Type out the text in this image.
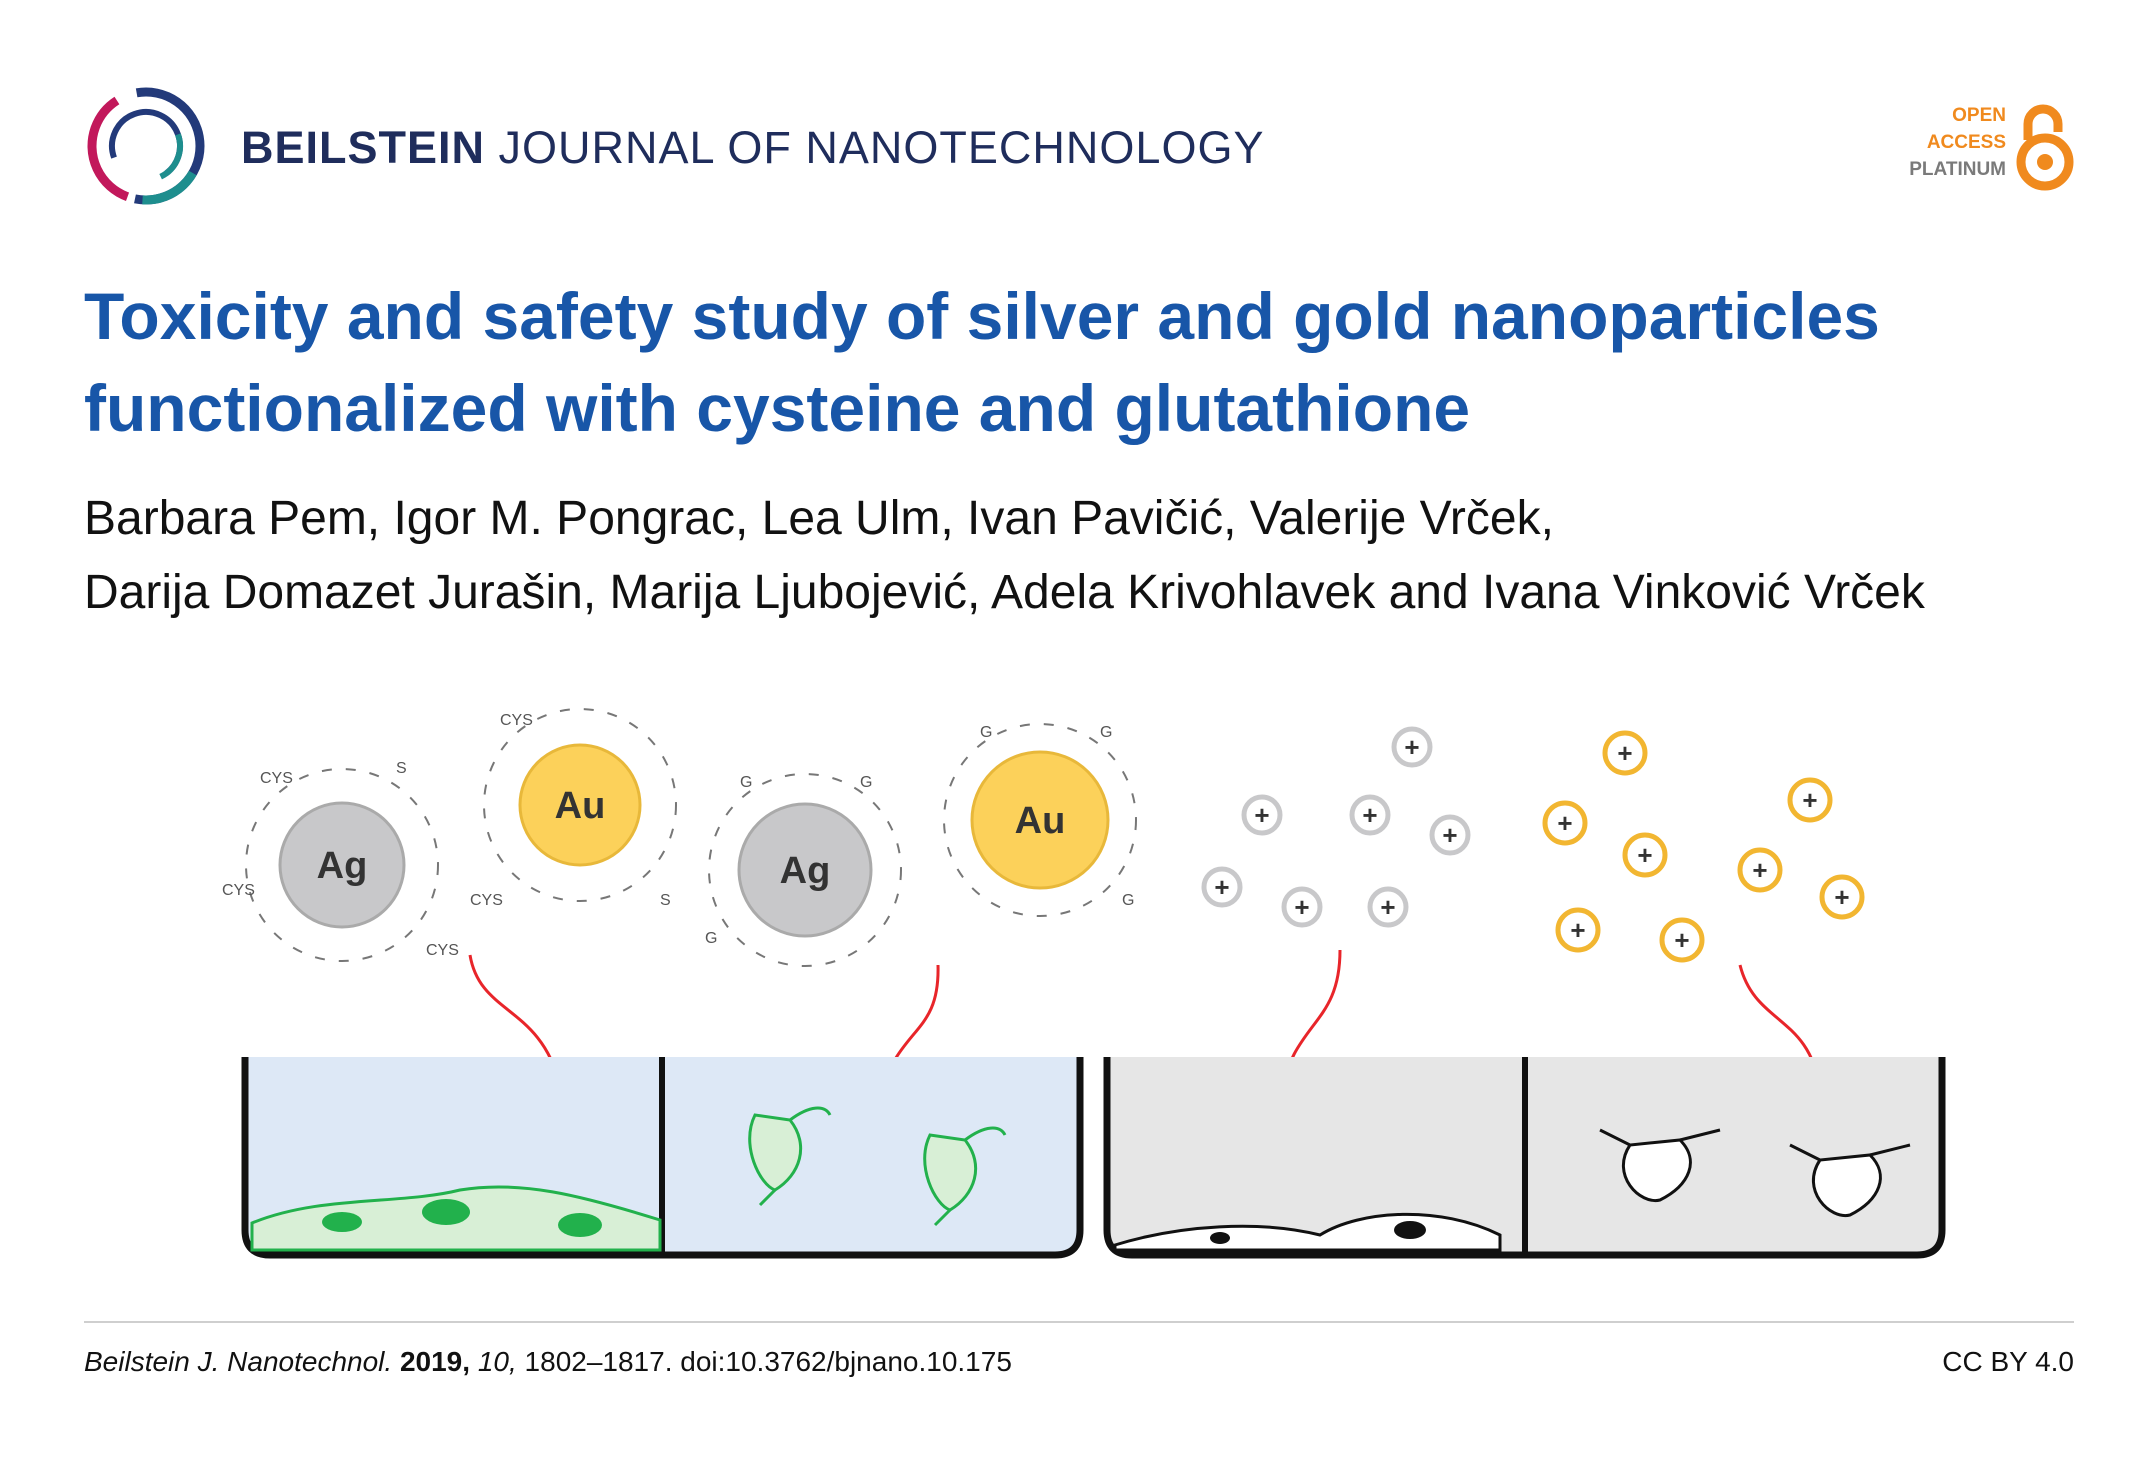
BEILSTEIN JOURNAL OF NANOTECHNOLOGY
OPEN
ACCESS
PLATINUM
Toxicity and safety study of silver and gold nanoparticles
functionalized with cysteine and glutathione
Barbara Pem, Igor M. Pongrac, Lea Ulm, Ivan Pavičić, Valerije Vrček,
Darija Domazet Jurašin, Marija Ljubojević, Adela Krivohlavek and Ivana Vinković Vrček
CYS
S
CYS
CYS
Ag
CYS
CYS	S
Au
G	G
G
Ag
G	G
G
Au
+
+	+
+
+
+	+
+
+
+
+	+
+
+	+
Beilstein J. Nanotechnol. 2019, 10, 1802–1817. doi:10.3762/bjnano.10.175	CC BY 4.0
